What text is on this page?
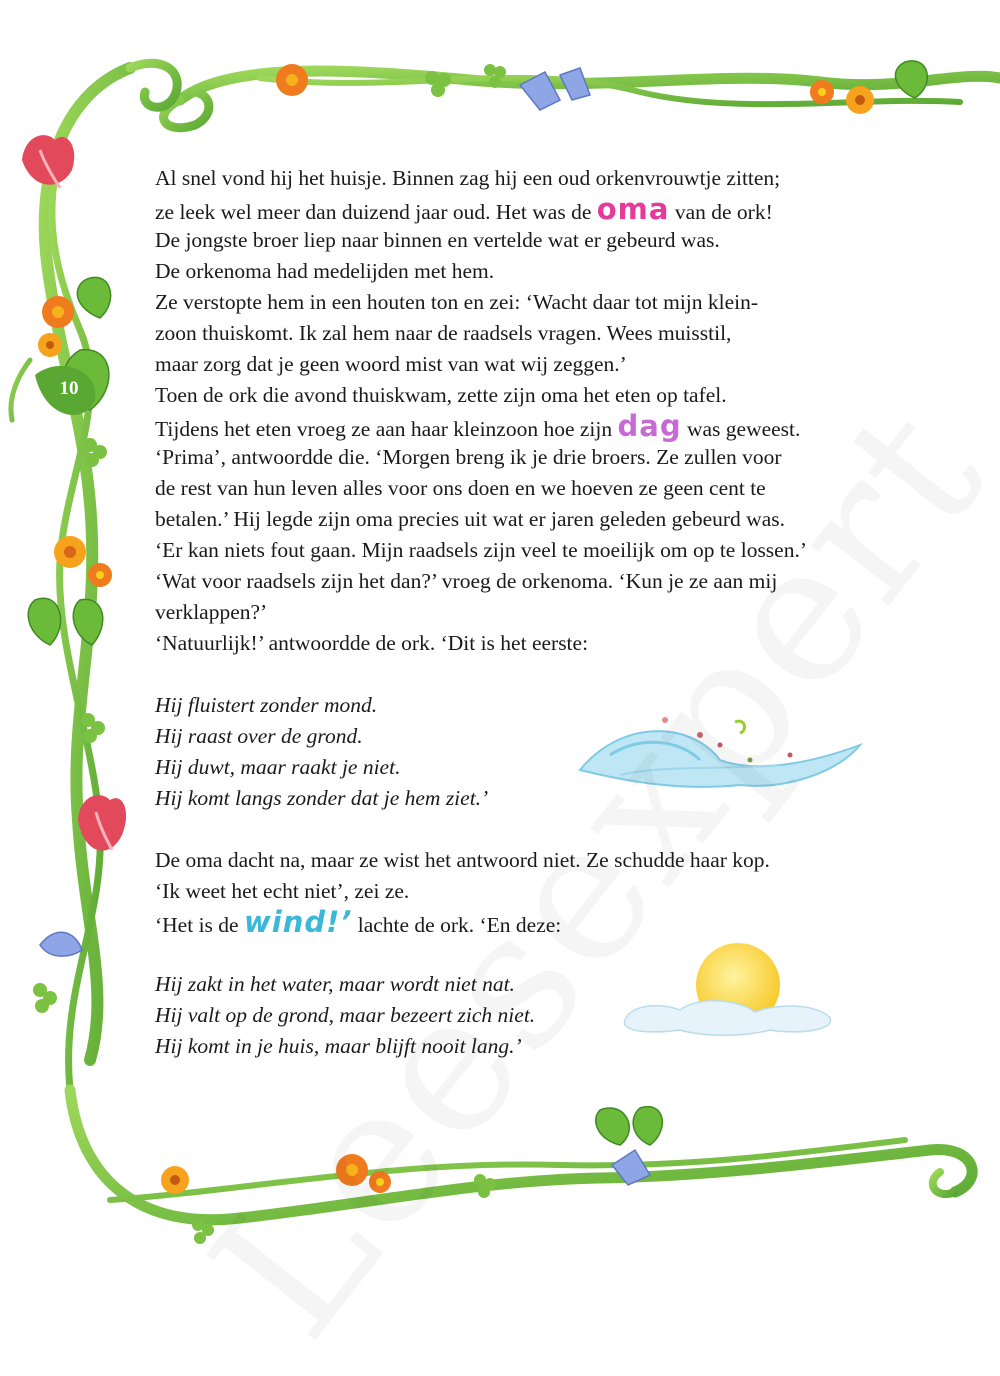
10
Al snel vond hij het huisje. Binnen zag hij een oud orkenvrouwtje zitten;
ze leek wel meer dan duizend jaar oud. Het was de oma van de ork!
De jongste broer liep naar binnen en vertelde wat er gebeurd was.
De orkenoma had medelijden met hem.
Ze verstopte hem in een houten ton en zei: ‘Wacht daar tot mijn klein-
zoon thuiskomt. Ik zal hem naar de raadsels vragen. Wees muisstil,
maar zorg dat je geen woord mist van wat wij zeggen.’
Toen de ork die avond thuiskwam, zette zijn oma het eten op tafel.
Tijdens het eten vroeg ze aan haar kleinzoon hoe zijn dag was geweest.
‘Prima’, antwoordde die. ‘Morgen breng ik je drie broers. Ze zullen voor
de rest van hun leven alles voor ons doen en we hoeven ze geen cent te
betalen.’ Hij legde zijn oma precies uit wat er jaren geleden gebeurd was.
‘Er kan niets fout gaan. Mijn raadsels zijn veel te moeilijk om op te lossen.’
‘Wat voor raadsels zijn het dan?’ vroeg de orkenoma. ‘Kun je ze aan mij
verklappen?’
‘Natuurlijk!’ antwoordde de ork. ‘Dit is het eerste:
Hij fluistert zonder mond.
Hij raast over de grond.
Hij duwt, maar raakt je niet.
Hij komt langs zonder dat je hem ziet.’
De oma dacht na, maar ze wist het antwoord niet. Ze schudde haar kop.
‘Ik weet het echt niet’, zei ze.
‘Het is de wind!’ lachte de ork. ‘En deze:
Hij zakt in het water, maar wordt niet nat.
Hij valt op de grond, maar bezeert zich niet.
Hij komt in je huis, maar blijft nooit lang.’
